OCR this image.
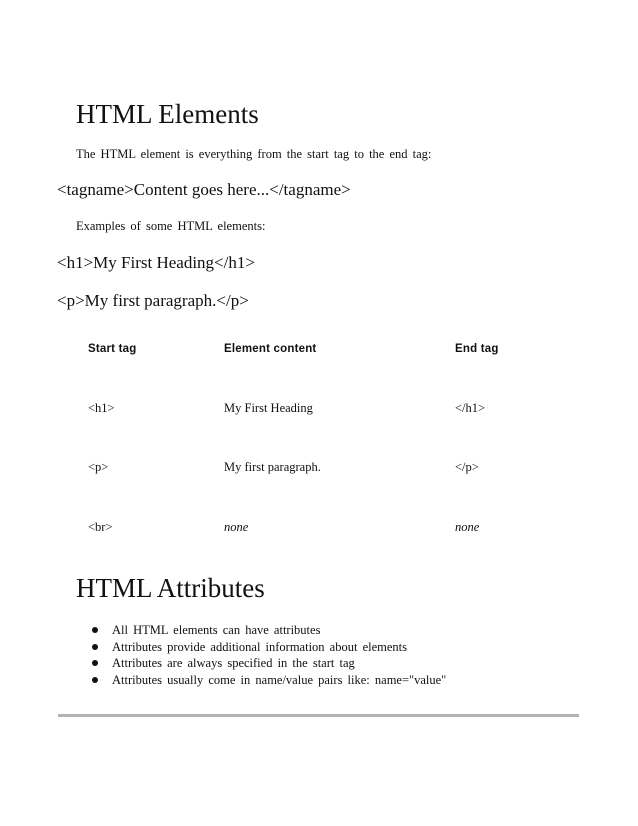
HTML Elements

The HTML element is everything from the start tag to the end tag:

<tagname>Content goes here...</tagname>

Examples of some HTML elements:

<h1>My First Heading</h1>

<p>My first paragraph.</p>

Start tag	Element content	End tag
<h1>	My First Heading	</h1>
<p>	My first paragraph.	</p>
<br>	none	none
HTML Attributes
All HTML elements can have attributes
Attributes provide additional information about elements
Attributes are always specified in the start tag
Attributes usually come in name/value pairs like: name="value"
